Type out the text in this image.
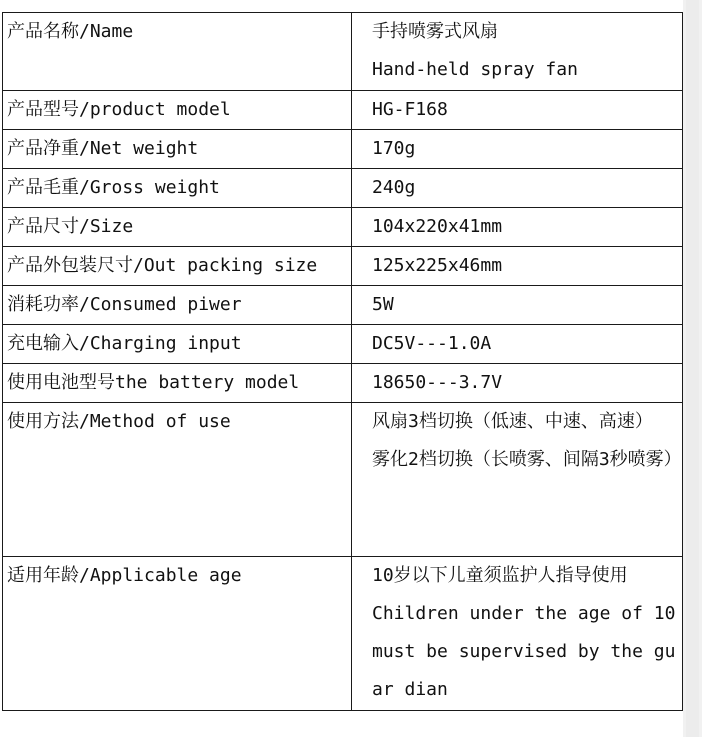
产品名称/Name	手持喷雾式风扇
Hand-held spray fan

产品型号/product model	HG-F168

产品净重/Net weight	170g

产品毛重/Gross weight	240g

产品尺寸/Size	104x220x41mm

产品外包装尺寸/Out packing size	125x225x46mm

消耗功率/Consumed piwer	5W

充电输入/Charging input	DC5V---1.0A

使用电池型号the battery model	18650---3.7V

使用方法/Method of use	风扇3档切换（低速、中速、高速）
雾化2档切换（长喷雾、间隔3秒喷雾）

适用年龄/Applicable age	10岁以下儿童须监护人指导使用
Children under the age of 10 must be supervised by the guar dian
